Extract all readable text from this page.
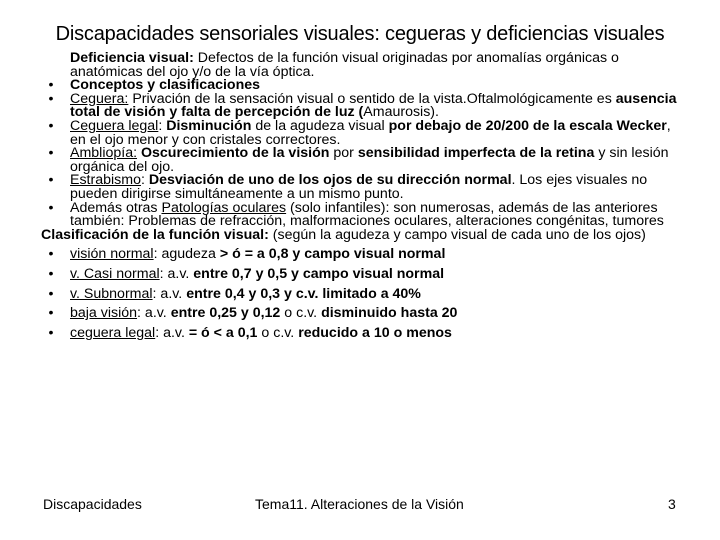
Discapacidades sensoriales visuales: cegueras y deficiencias visuales

Deficiencia visual: Defectos de la función visual originadas por anomalías orgánicas o anatómicas del ojo y/o de la vía óptica.

•	Conceptos y clasificaciones

•	Ceguera: Privación de la sensación visual o sentido de la vista.Oftalmológicamente es ausencia total de visión y falta de percepción de luz (Amaurosis).

•	Ceguera legal: Disminución de la agudeza visual por debajo de 20/200 de la escala Wecker, en el ojo menor y con cristales correctores.

•	Ambliopía: Oscurecimiento de la visión por sensibilidad imperfecta de la retina y sin lesión orgánica del ojo.

•	Estrabismo: Desviación de uno de los ojos de su dirección normal. Los ejes visuales no pueden dirigirse simultáneamente a un mismo punto.

•	Además otras Patologías oculares (solo infantiles): son numerosas, además de las anteriores también: Problemas de refracción, malformaciones oculares, alteraciones congénitas, tumores

Clasificación de la función visual: (según la agudeza y campo visual de cada uno de los ojos)

•	visión normal: agudeza > ó = a 0,8 y campo visual normal

•	v. Casi normal: a.v. entre 0,7 y 0,5 y campo visual normal

•	v. Subnormal: a.v. entre 0,4 y 0,3 y c.v. limitado a 40%

•	baja visión: a.v. entre 0,25 y 0,12 o c.v. disminuido hasta 20

•	ceguera legal: a.v. = ó < a 0,1 o c.v. reducido a 10 o menos

Discapacidades	Tema11. Alteraciones de la Visión	3
